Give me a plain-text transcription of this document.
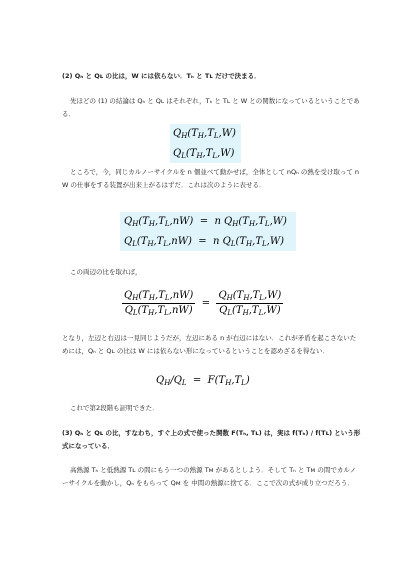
(2) Qₕ と Qʟ の比は，W には依らない．Tₕ と Tʟ だけで決まる．

先ほどの (1) の結論は Qₕ と Qʟ はそれぞれ，Tₕ と Tʟ と W との関数になっているということである．

$Q_H(T_H,T_L,W)$
$Q_L(T_H,T_L,W)$

ところで，今，同じカルノーサイクルを n 個並べて動かせば，全体として nQₕ の熱を受け取って n W の仕事をする装置が出来上がるはずだ．これは次のように表せる．

$Q_H(T_H,T_L,nW) = n$ $Q_H(T_H,T_L,W)$
$Q_L(T_H,T_L,nW) = n$ $Q_L(T_H,T_L,W)$

この両辺の比を取れば，

$\frac{Q_H(T_H,T_L,nW)}{Q_L(T_H,T_L,nW)} = \frac{Q_H(T_H,T_L,W)}{Q_L(T_H,T_L,W)}$

となり，左辺と右辺は一見同じようだが，左辺にある n が右辺にはない．これが矛盾を起こさないためには，Qₕ と Qʟ の比は W には依らない形になっているということを認めざるを得ない．

$Q_H/Q_L = F(T_H,T_L)$

これで第2段階も証明できた．

(3) Qₕ と Qʟ の比，すなわち，すぐ上の式で使った関数 F(Tₕ, Tʟ) は，実は f(Tₕ) / f(Tʟ) という形式になっている．

高熱源 Tₕ と低熱源 Tʟ の間にもう一つの熱源 Tᴍ があるとしよう．そして Tₕ と Tᴍ の間でカルノーサイクルを動かし，Qₕ をもらって Qᴍ を 中間の熱源に捨てる．ここで次の式が成り立つだろう．
